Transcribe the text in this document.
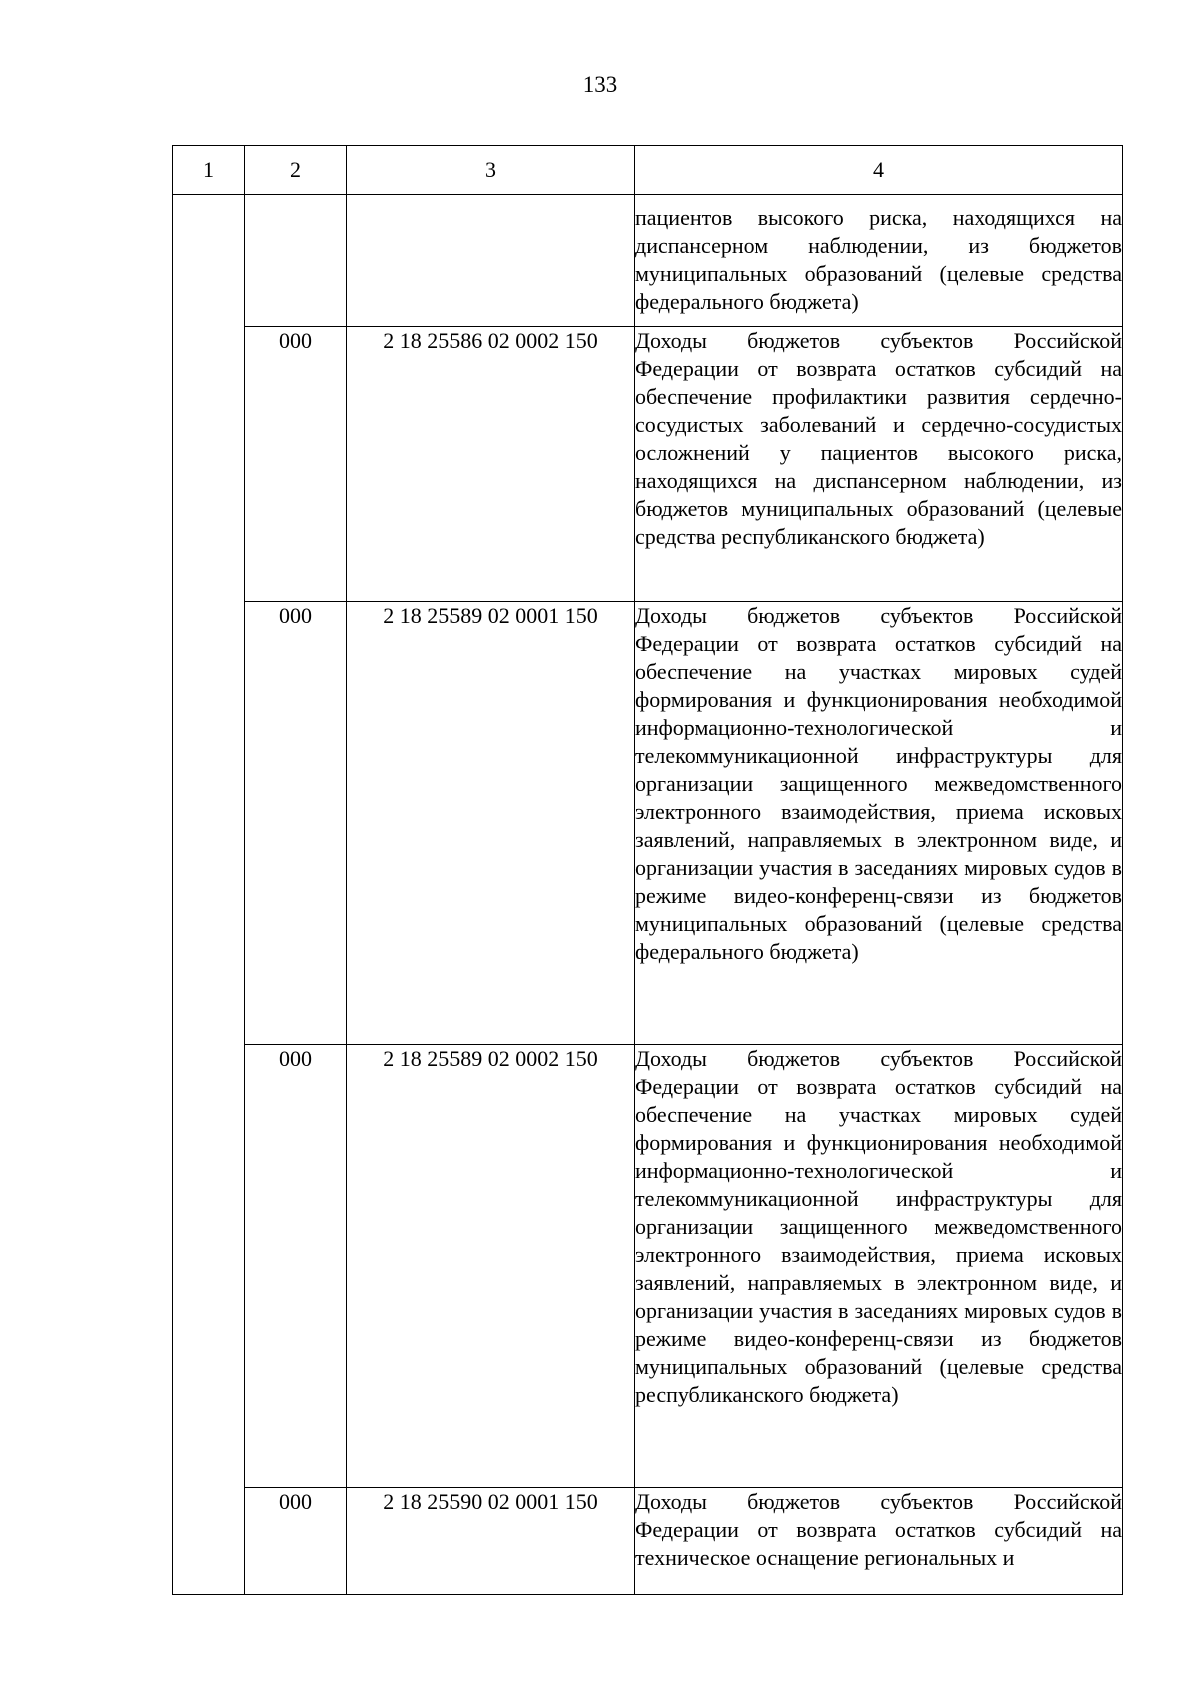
133
1	2	3	4
			пациентов высокого риска, находящихся на диспансерном наблюдении, из бюджетов муниципальных образований (целевые средства федерального бюджета)
	000	2 18 25586 02 0002 150	Доходы бюджетов субъектов Российской Федерации от возврата остатков субсидий на обеспечение профилактики развития сердечно-сосудистых заболеваний и сердечно-сосудистых осложнений у пациентов высокого риска, находящихся на диспансерном наблюдении, из бюджетов муниципальных образований (целевые средства республиканского бюджета)
	000	2 18 25589 02 0001 150	Доходы бюджетов субъектов Российской Федерации от возврата остатков субсидий на обеспечение на участках мировых судей формирования и функционирования необходимой информационно-технологической и телекоммуникационной инфраструктуры для организации защищенного межведомственного электронного взаимодействия, приема исковых заявлений, направляемых в электронном виде, и организации участия в заседаниях мировых судов в режиме видео-конференц-связи из бюджетов муниципальных образований (целевые средства федерального бюджета)
	000	2 18 25589 02 0002 150	Доходы бюджетов субъектов Российской Федерации от возврата остатков субсидий на обеспечение на участках мировых судей формирования и функционирования необходимой информационно-технологической и телекоммуникационной инфраструктуры для организации защищенного межведомственного электронного взаимодействия, приема исковых заявлений, направляемых в электронном виде, и организации участия в заседаниях мировых судов в режиме видео-конференц-связи из бюджетов муниципальных образований (целевые средства республиканского бюджета)
	000	2 18 25590 02 0001 150	Доходы бюджетов субъектов Российской Федерации от возврата остатков субсидий на техническое оснащение региональных и
